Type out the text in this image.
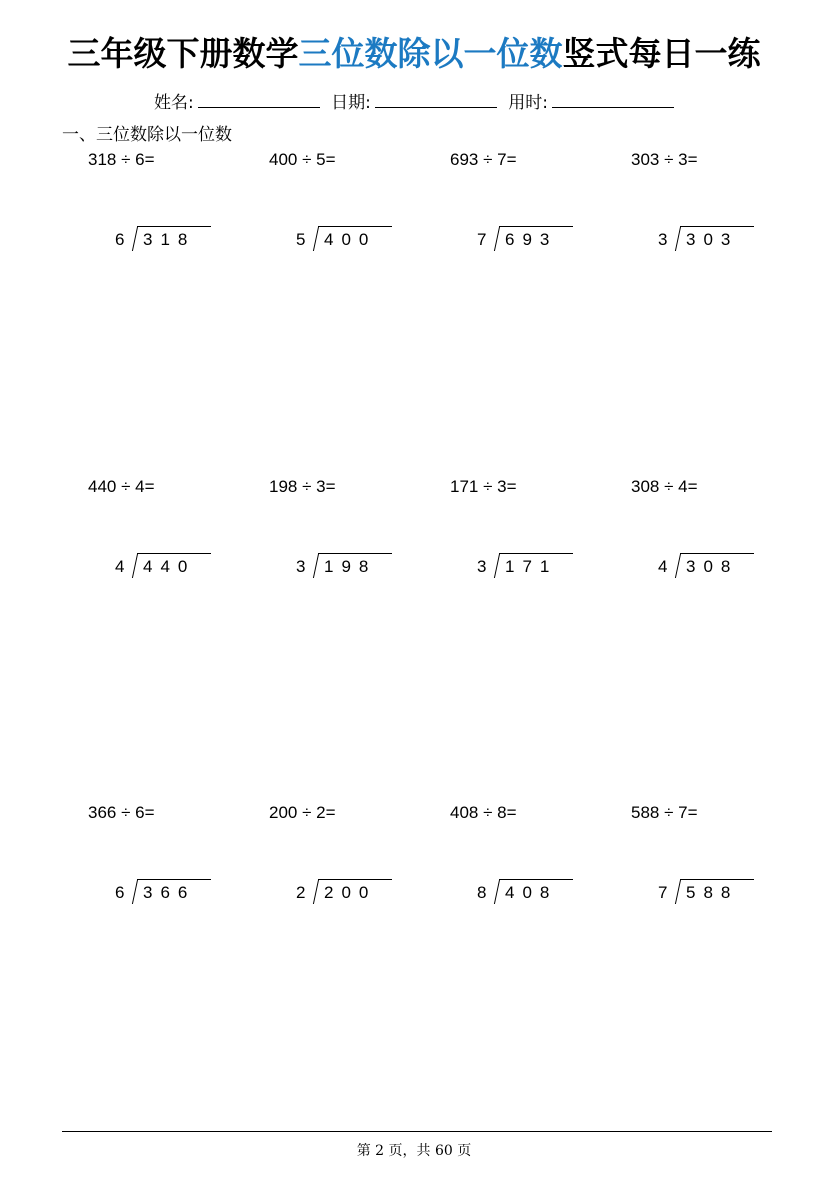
三年级下册数学三位数除以一位数竖式每日一练
姓名:	日期:	用时:
一、三位数除以一位数
318 ÷ 6=
6 318
400 ÷ 5=
5 400
693 ÷ 7=
7 693
303 ÷ 3=
3 303
440 ÷ 4=
4 440
198 ÷ 3=
3 198
171 ÷ 3=
3 171
308 ÷ 4=
4 308
366 ÷ 6=
6 366
200 ÷ 2=
2 200
408 ÷ 8=
8 408
588 ÷ 7=
7 588
第 2 页，共 60 页
